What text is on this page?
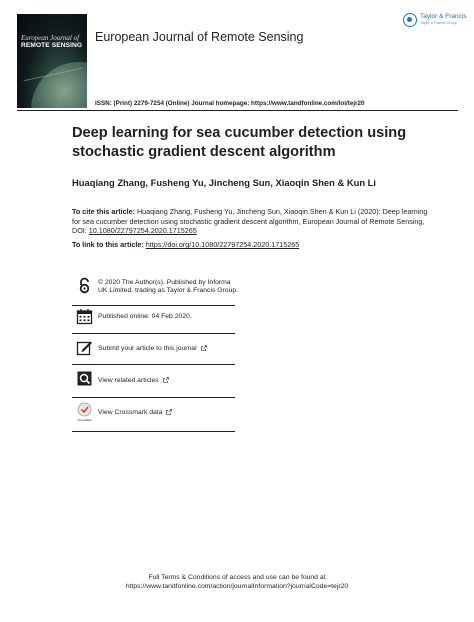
European Journal of
REMOTE SENSING
European Journal of Remote Sensing
Taylor & Francis
Taylor & Francis Group
ISSN: (Print) 2279-7254 (Online) Journal homepage: https://www.tandfonline.com/loi/tejr20
Deep learning for sea cucumber detection using stochastic gradient descent algorithm
Huaqiang Zhang, Fusheng Yu, Jincheng Sun, Xiaoqin Shen & Kun Li
To cite this article: Huaqiang Zhang, Fusheng Yu, Jincheng Sun, Xiaoqin Shen & Kun Li (2020): Deep learning for sea cucumber detection using stochastic gradient descent algorithm, European Journal of Remote Sensing, DOI: 10.1080/22797254.2020.1715265
To link to this article: https://doi.org/10.1080/22797254.2020.1715265
© 2020 The Author(s). Published by Informa UK Limited, trading as Taylor & Francis Group.
Published online: 04 Feb 2020.
Submit your article to this journal
View related articles
CrossMark
View Crossmark data
Full Terms & Conditions of access and use can be found at
https://www.tandfonline.com/action/journalInformation?journalCode=tejr20
